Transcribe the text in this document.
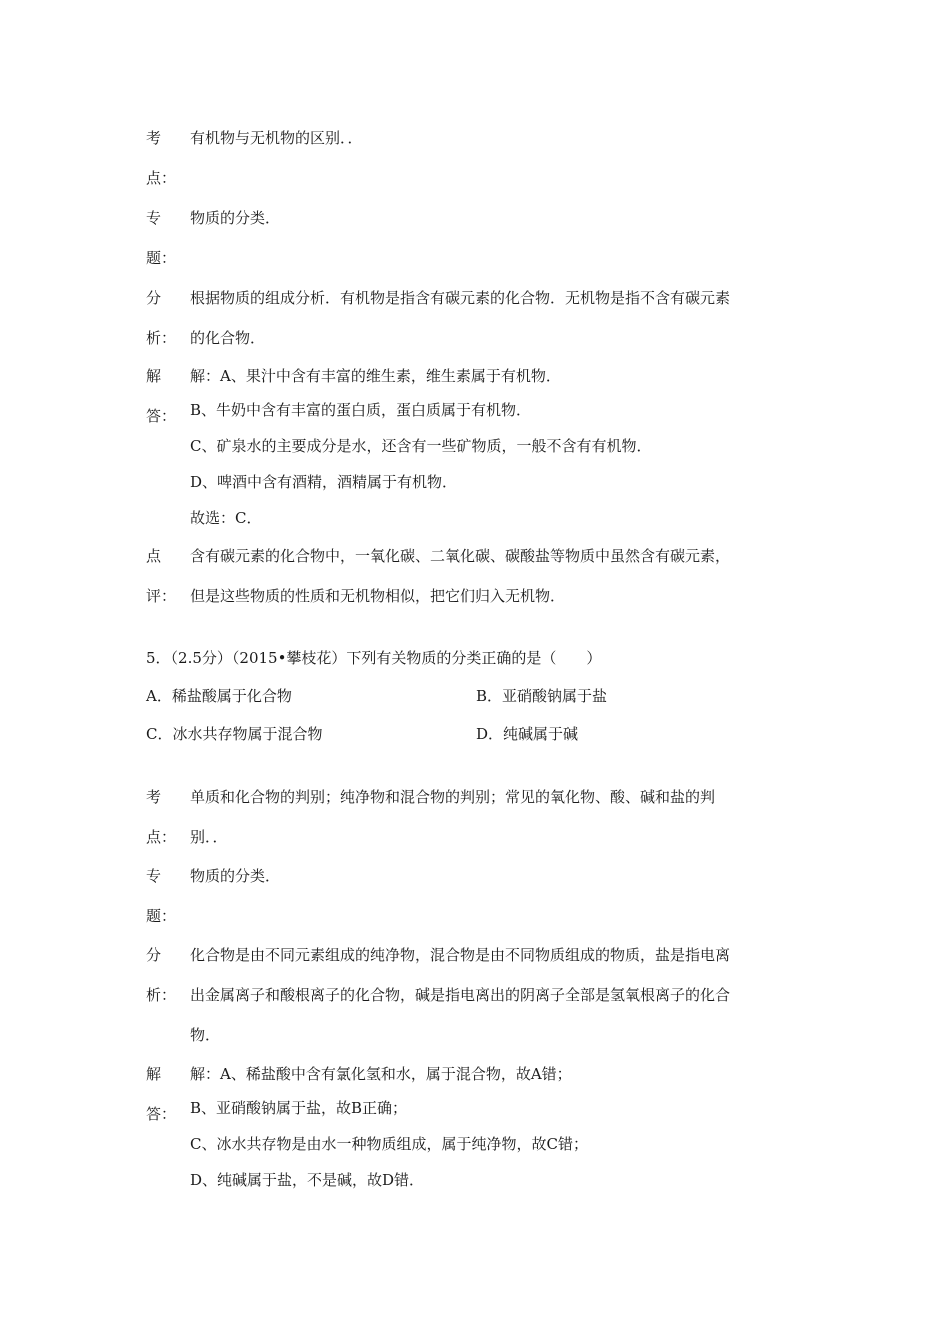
考 有机物与无机物的区别．．
点：
专 物质的分类．
题：
分 根据物质的组成分析．有机物是指含有碳元素的化合物．无机物是指不含有碳元素
析： 的化合物．
解 解：A、果汁中含有丰富的维生素，维生素属于有机物．
答： B、牛奶中含有丰富的蛋白质，蛋白质属于有机物．
C、矿泉水的主要成分是水，还含有一些矿物质，一般不含有有机物．
D、啤酒中含有酒精，酒精属于有机物．
故选：C．
点 含有碳元素的化合物中，一氧化碳、二氧化碳、碳酸盐等物质中虽然含有碳元素，
评： 但是这些物质的性质和无机物相似，把它们归入无机物．
5．（2.5分）（2015•攀枝花）下列有关物质的分类正确的是（　　）
A．稀盐酸属于化合物	B．亚硝酸钠属于盐
C．冰水共存物属于混合物	D．纯碱属于碱
考 单质和化合物的判别；纯净物和混合物的判别；常见的氧化物、酸、碱和盐的判
点： 别．．
专 物质的分类．
题：
分 化合物是由不同元素组成的纯净物，混合物是由不同物质组成的物质，盐是指电离
析： 出金属离子和酸根离子的化合物，碱是指电离出的阴离子全部是氢氧根离子的化合
物．
解 解：A、稀盐酸中含有氯化氢和水，属于混合物，故A错；
答： B、亚硝酸钠属于盐，故B正确；
C、冰水共存物是由水一种物质组成，属于纯净物，故C错；
D、纯碱属于盐，不是碱，故D错．
